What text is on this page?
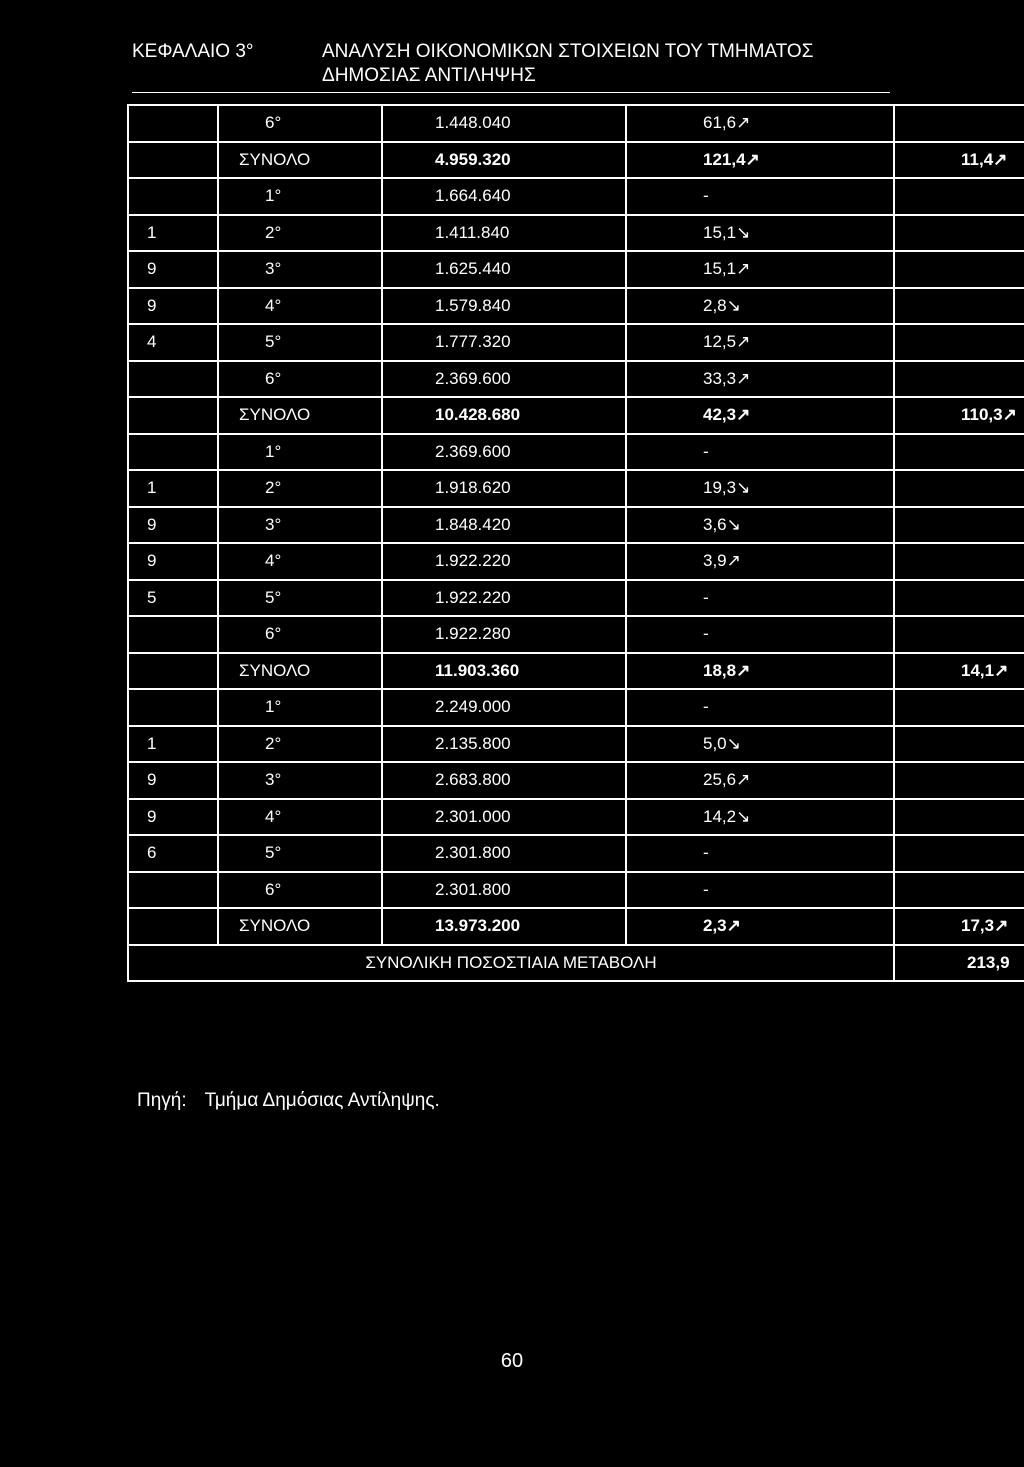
ΚΕΦΑΛΑΙΟ 3°	ΑΝΑΛΥΣΗ ΟΙΚΟΝΟΜΙΚΩΝ ΣΤΟΙΧΕΙΩΝ ΤΟΥ ΤΜΗΜΑΤΟΣ
ΔΗΜΟΣΙΑΣ ΑΝΤΙΛΗΨΗΣ
	6°	1.448.040	61,6↗	
	ΣΥΝΟΛΟ	4.959.320	121,4↗	11,4↗
	1°	1.664.640	-	
1	2°	1.411.840	15,1↘	
9	3°	1.625.440	15,1↗	
9	4°	1.579.840	2,8↘	
4	5°	1.777.320	12,5↗	
	6°	2.369.600	33,3↗	
	ΣΥΝΟΛΟ	10.428.680	42,3↗	110,3↗
	1°	2.369.600	-	
1	2°	1.918.620	19,3↘	
9	3°	1.848.420	3,6↘	
9	4°	1.922.220	3,9↗	
5	5°	1.922.220	-	
	6°	1.922.280	-	
	ΣΥΝΟΛΟ	11.903.360	18,8↗	14,1↗
	1°	2.249.000	-	
1	2°	2.135.800	5,0↘	
9	3°	2.683.800	25,6↗	
9	4°	2.301.000	14,2↘	
6	5°	2.301.800	-	
	6°	2.301.800	-	
	ΣΥΝΟΛΟ	13.973.200	2,3↗	17,3↗
ΣΥΝΟΛΙΚΗ ΠΟΣΟΣΤΙΑΙΑ ΜΕΤΑΒΟΛΗ				213,9
Πηγή: Τμήμα Δημόσιας Αντίληψης.
60
